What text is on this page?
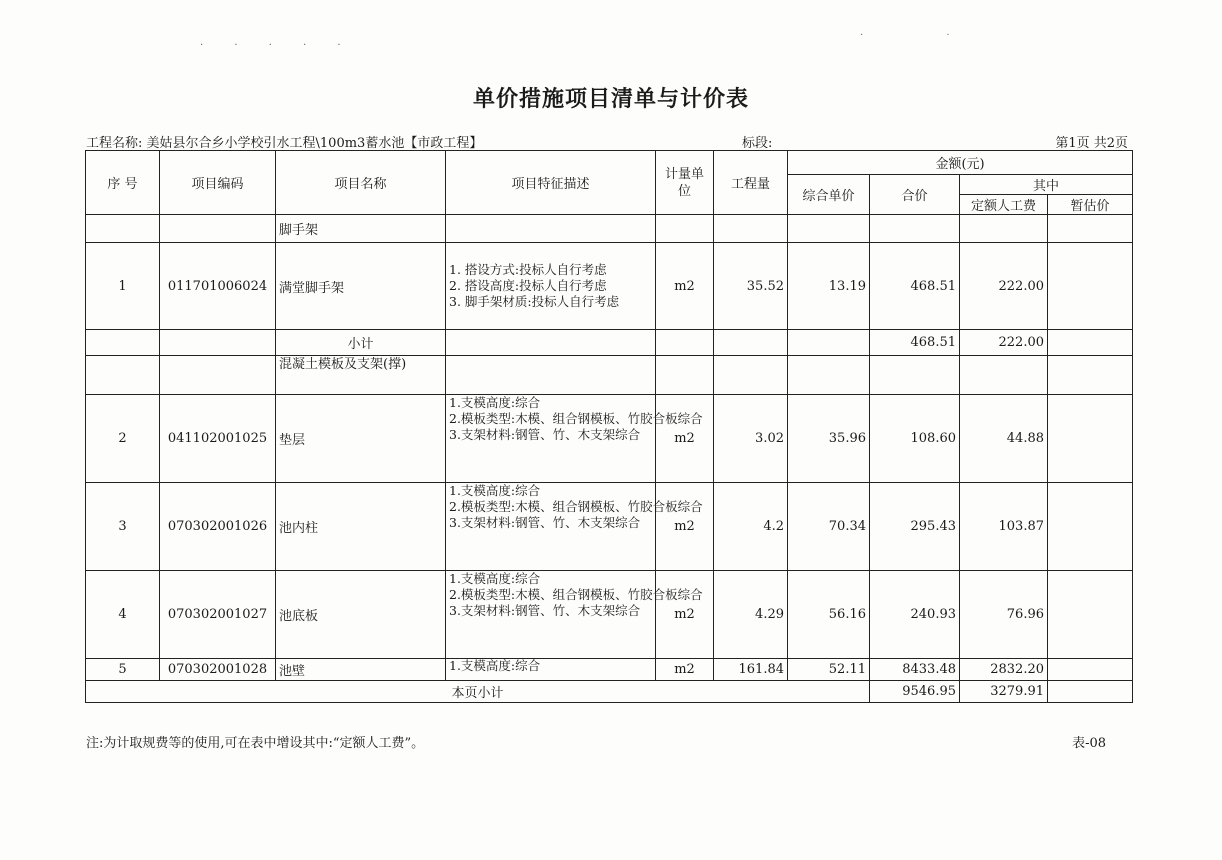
· · · · ·
· ·
单价措施项目清单与计价表
工程名称: 美姑县尔合乡小学校引水工程\100m3蓄水池【市政工程】	标段:	第1页 共2页
序 号	项目编码	项目名称	项目特征描述	计量单位	工程量	金额(元)			
						综合单价	合价	其中	
								定额人工费	暂估价
		脚手架							
1	011701006024	满堂脚手架	1. 搭设方式:投标人自行考虑
2. 搭设高度:投标人自行考虑
3. 脚手架材质:投标人自行考虑	m2	35.52	13.19	468.51	222.00	
		小计					468.51	222.00	
		混凝土模板及支架(撑)							
2	041102001025	垫层	1.支模高度:综合
2.模板类型:木模、组合钢模板、竹胶合板综合
3.支架材料:钢管、竹、木支架综合	m2	3.02	35.96	108.60	44.88	
3	070302001026	池内柱	1.支模高度:综合
2.模板类型:木模、组合钢模板、竹胶合板综合
3.支架材料:钢管、竹、木支架综合	m2	4.2	70.34	295.43	103.87	
4	070302001027	池底板	1.支模高度:综合
2.模板类型:木模、组合钢模板、竹胶合板综合
3.支架材料:钢管、竹、木支架综合	m2	4.29	56.16	240.93	76.96	
5	070302001028	池壁	1.支模高度:综合	m2	161.84	52.11	8433.48	2832.20	
本页小计							9546.95	3279.91	
注:为计取规费等的使用,可在表中增设其中:“定额人工费”。	表-08
